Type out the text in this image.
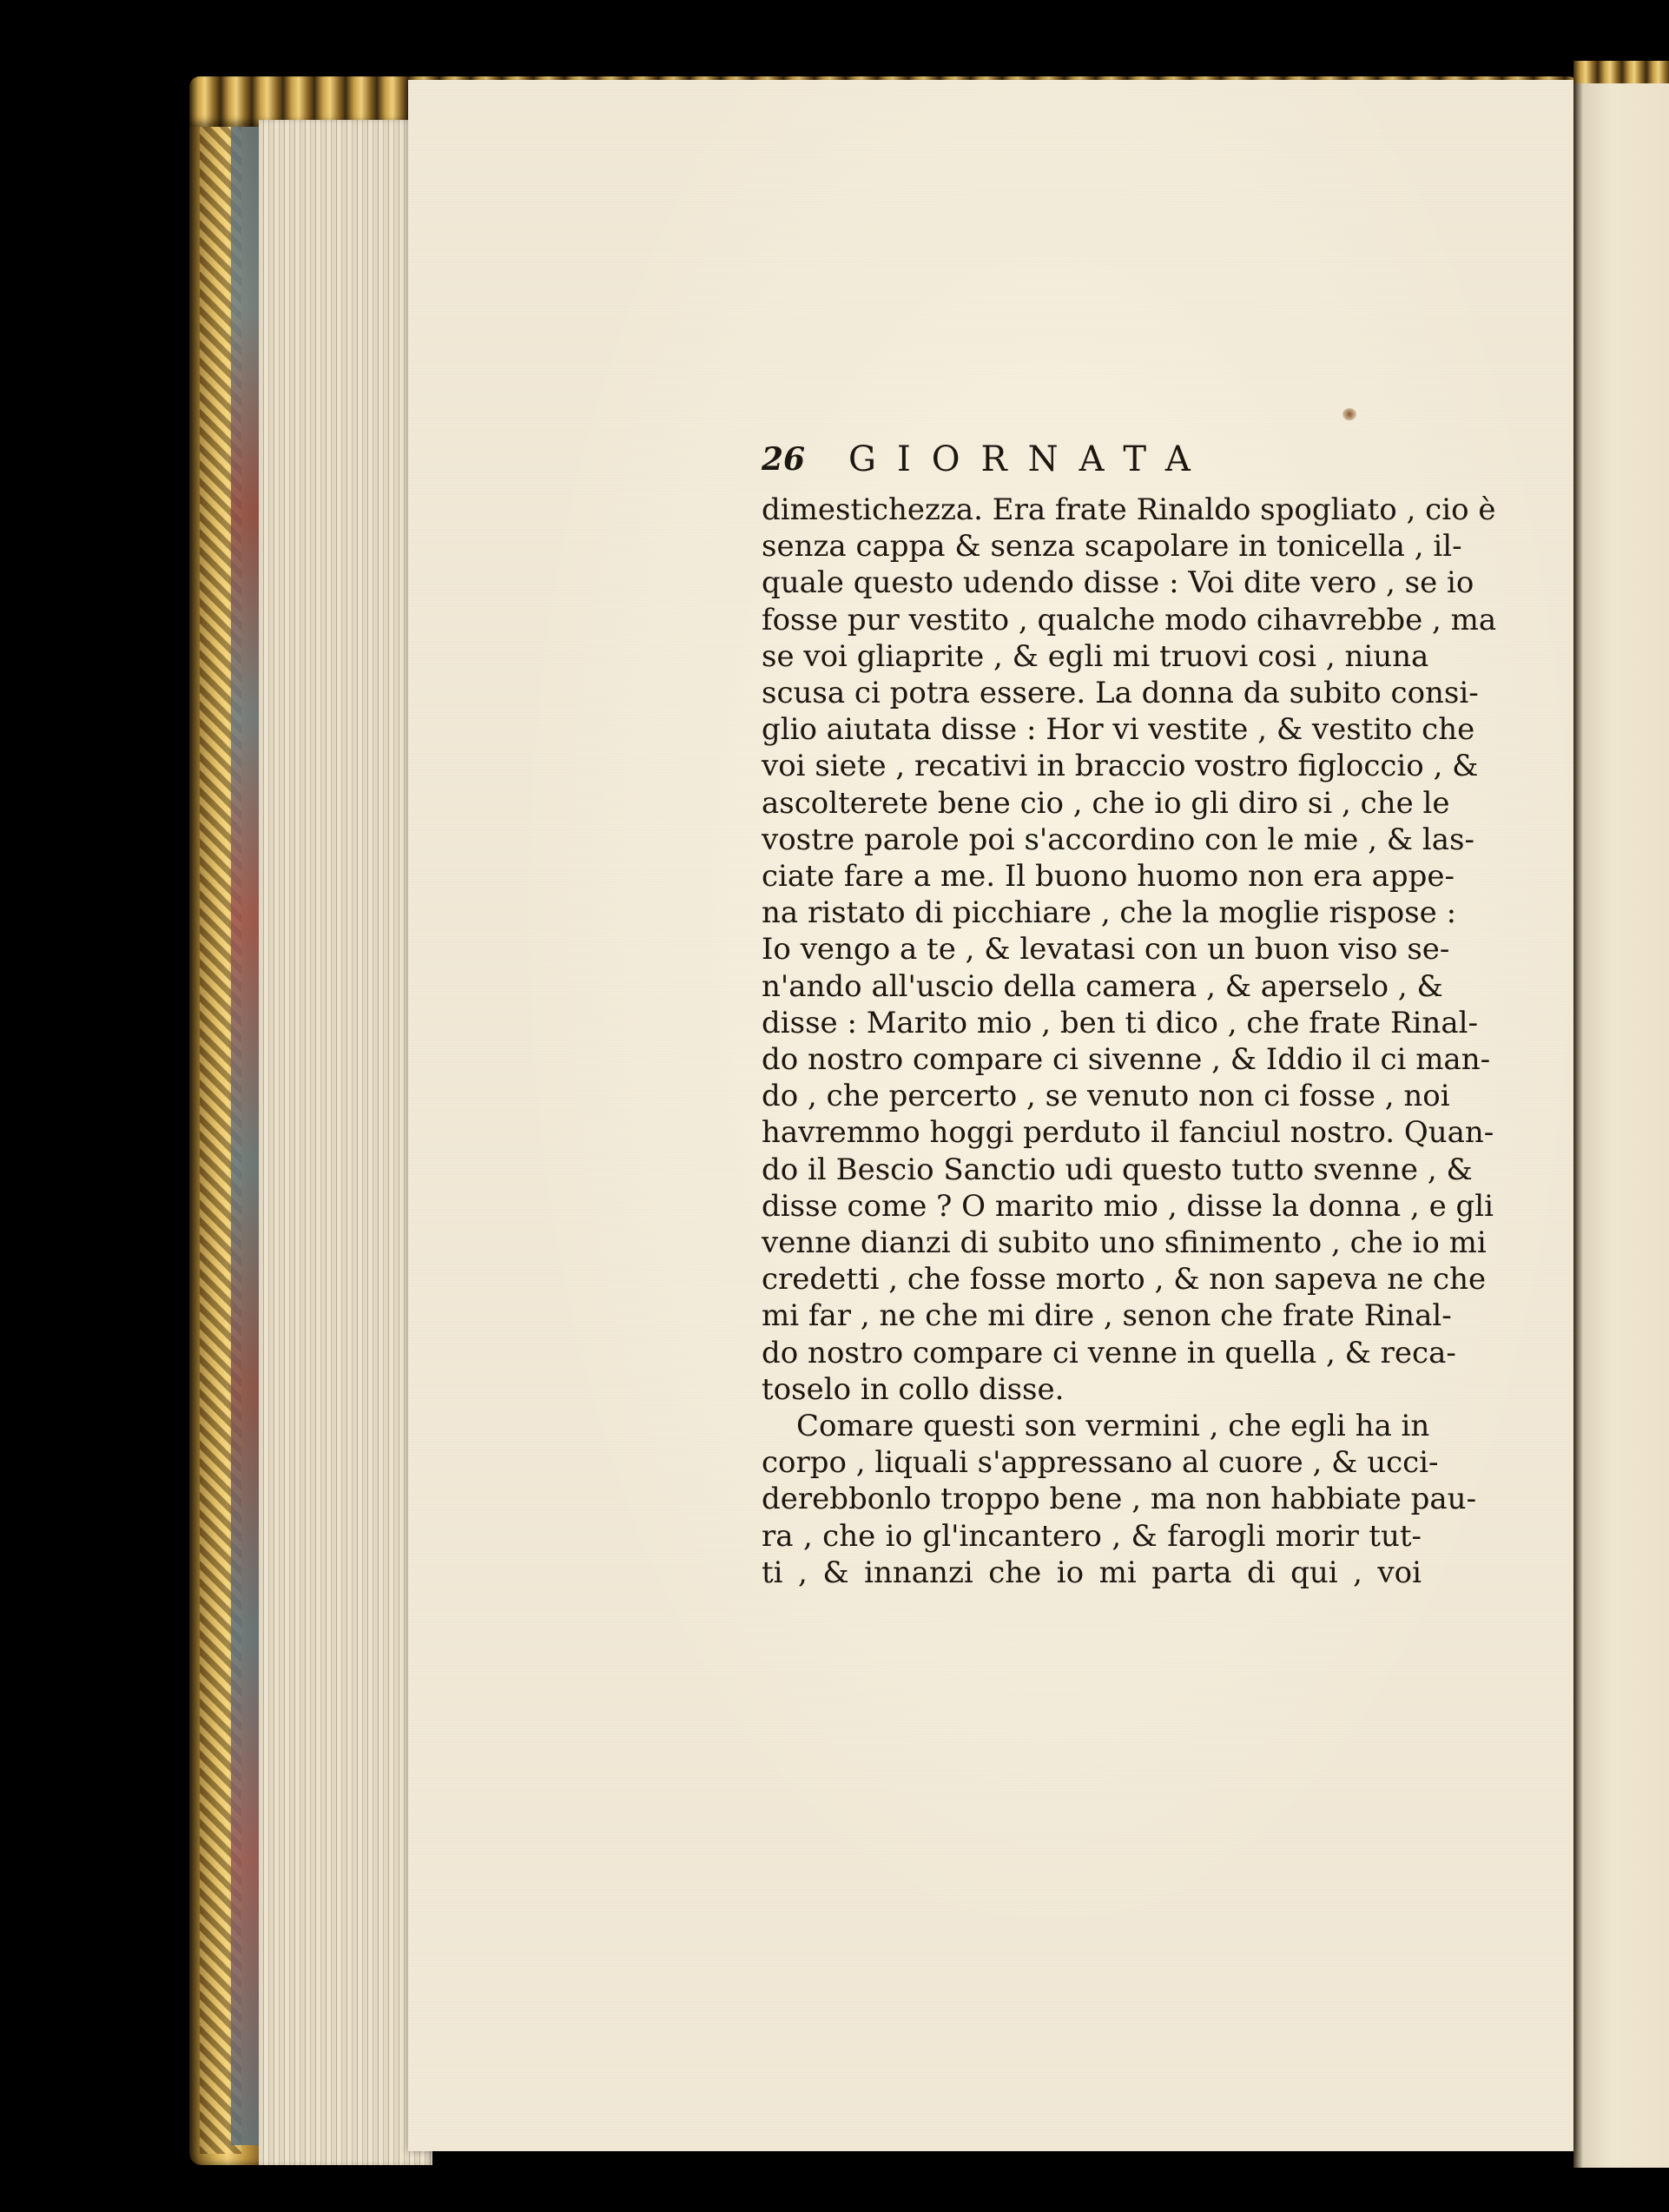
26 GIORNATA
dimestichezza. Era frate Rinaldo spogliato , cio è
senza cappa & senza scapolare in tonicella , il-
quale questo udendo disse : Voi dite vero , se io
fosse pur vestito , qualche modo cihavrebbe , ma
se voi gliaprite , & egli mi truovi cosi , niuna
scusa ci potra essere. La donna da subito consi-
glio aiutata disse : Hor vi vestite , & vestito che
voi siete , recativi in braccio vostro figloccio , &
ascolterete bene cio , che io gli diro si , che le
vostre parole poi s'accordino con le mie , & las-
ciate fare a me. Il buono huomo non era appe-
na ristato di picchiare , che la moglie rispose :
Io vengo a te , & levatasi con un buon viso se-
n'ando all'uscio della camera , & aperselo , &
disse : Marito mio , ben ti dico , che frate Rinal-
do nostro compare ci sivenne , & Iddio il ci man-
do , che percerto , se venuto non ci fosse , noi
havremmo hoggi perduto il fanciul nostro. Quan-
do il Bescio Sanctio udi questo tutto svenne , &
disse come ? O marito mio , disse la donna , e gli
venne dianzi di subito uno sfinimento , che io mi
credetti , che fosse morto , & non sapeva ne che
mi far , ne che mi dire , senon che frate Rinal-
do nostro compare ci venne in quella , & reca-
toselo in collo disse.
Comare questi son vermini , che egli ha in
corpo , liquali s'appressano al cuore , & ucci-
derebbonlo troppo bene , ma non habbiate pau-
ra , che io gl'incantero , & farogli morir tut-
ti , & innanzi che io mi parta di qui , voi
